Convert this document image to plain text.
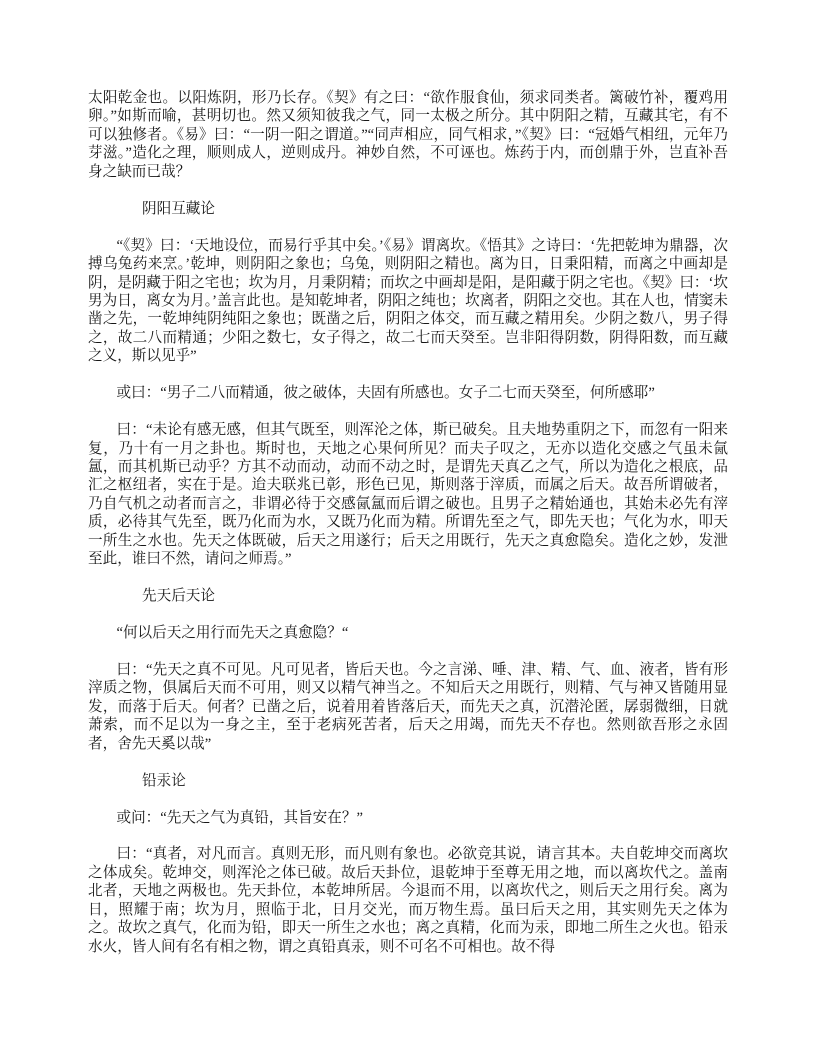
太阳乾金也。以阳炼阴，形乃长存。《契》有之曰：“欲作服食仙，须求同类者。篱破竹补，覆鸡用卵。”如斯而喻，甚明切也。然又须知彼我之气，同一太极之所分。其中阴阳之精，互藏其宅，有不可以独修者。《易》曰：“一阴一阳之谓道。”“同声相应，同气相求，”《契》曰：“冠婚气相纽，元年乃芽滋。”造化之理，顺则成人，逆则成丹。神妙自然，不可诬也。炼药于内，而创鼎于外，岂直补吾身之缺而已哉？

阴阳互藏论

“《契》曰：‘天地设位，而易行乎其中矣。’《易》谓离坎。《悟其》之诗曰：‘先把乾坤为鼎器，次搏乌兔药来烹。’乾坤，则阴阳之象也；乌兔，则阴阳之精也。离为日，日秉阳精，而离之中画却是阴，是阴藏于阳之宅也；坎为月，月秉阴精；而坎之中画却是阳，是阳藏于阴之宅也。《契》曰：‘坎男为日，离女为月。’盖言此也。是知乾坤者，阴阳之纯也；坎离者，阴阳之交也。其在人也，情窦未凿之先，一乾坤纯阴纯阳之象也；既凿之后，阴阳之体交，而互藏之精用矣。少阴之数八，男子得之，故二八而精通；少阳之数七，女子得之，故二七而天癸至。岂非阳得阴数，阴得阳数，而互藏之义，斯以见乎”

或曰：“男子二八而精通，彼之破体，夫固有所感也。女子二七而天癸至，何所感耶”

曰：“未论有感无感，但其气既至，则浑沦之体，斯已破矣。且夫地势重阴之下，而忽有一阳来复，乃十有一月之卦也。斯时也，天地之心果何所见？而夫子叹之，无亦以造化交感之气虽未氤氲，而其机斯已动乎？方其不动而动，动而不动之时，是谓先天真乙之气，所以为造化之根底，品汇之枢纽者，实在于是。迨夫联兆已彰，形色已见，斯则落于滓质，而属之后天。故吾所谓破者，乃自气机之动者而言之，非谓必待于交感氤氲而后谓之破也。且男子之精始通也，其始未必先有滓质，必待其气先至，既乃化而为水，又既乃化而为精。所谓先至之气，即先天也；气化为水，叩天一所生之水也。先天之体既破，后天之用遂行；后天之用既行，先天之真愈隐矣。造化之妙，发泄至此，谁曰不然，请问之师焉。”

先天后天论

“何以后天之用行而先天之真愈隐？“

曰：“先天之真不可见。凡可见者，皆后天也。今之言涕、唾、津、精、气、血、液者，皆有形滓质之物，俱属后天而不可用，则又以精气神当之。不知后天之用既行，则精、气与神又皆随用显发，而落于后天。何者？已凿之后，说着用着皆落后天，而先天之真，沉潜沦匿，孱弱微细，日就萧索，而不足以为一身之主，至于老病死苦者，后天之用竭，而先天不存也。然则欲吾形之永固者，舍先天奚以哉”

铅汞论

或问：“先天之气为真铅，其旨安在？”

曰：“真者，对凡而言。真则无形，而凡则有象也。必欲竞其说，请言其本。夫自乾坤交而离坎之体成矣。乾坤交，则浑沦之体已破。故后天卦位，退乾坤于至尊无用之地，而以离坎代之。盖南北者，天地之两极也。先天卦位，本乾坤所居。今退而不用，以离坎代之，则后天之用行矣。离为日，照耀于南；坎为月，照临于北，日月交光，而万物生焉。虽曰后天之用，其实则先天之体为之。故坎之真气，化而为铅，即天一所生之水也；离之真精，化而为汞，即地二所生之火也。铅汞水火，皆人间有名有相之物，谓之真铅真汞，则不可名不可相也。故不得
